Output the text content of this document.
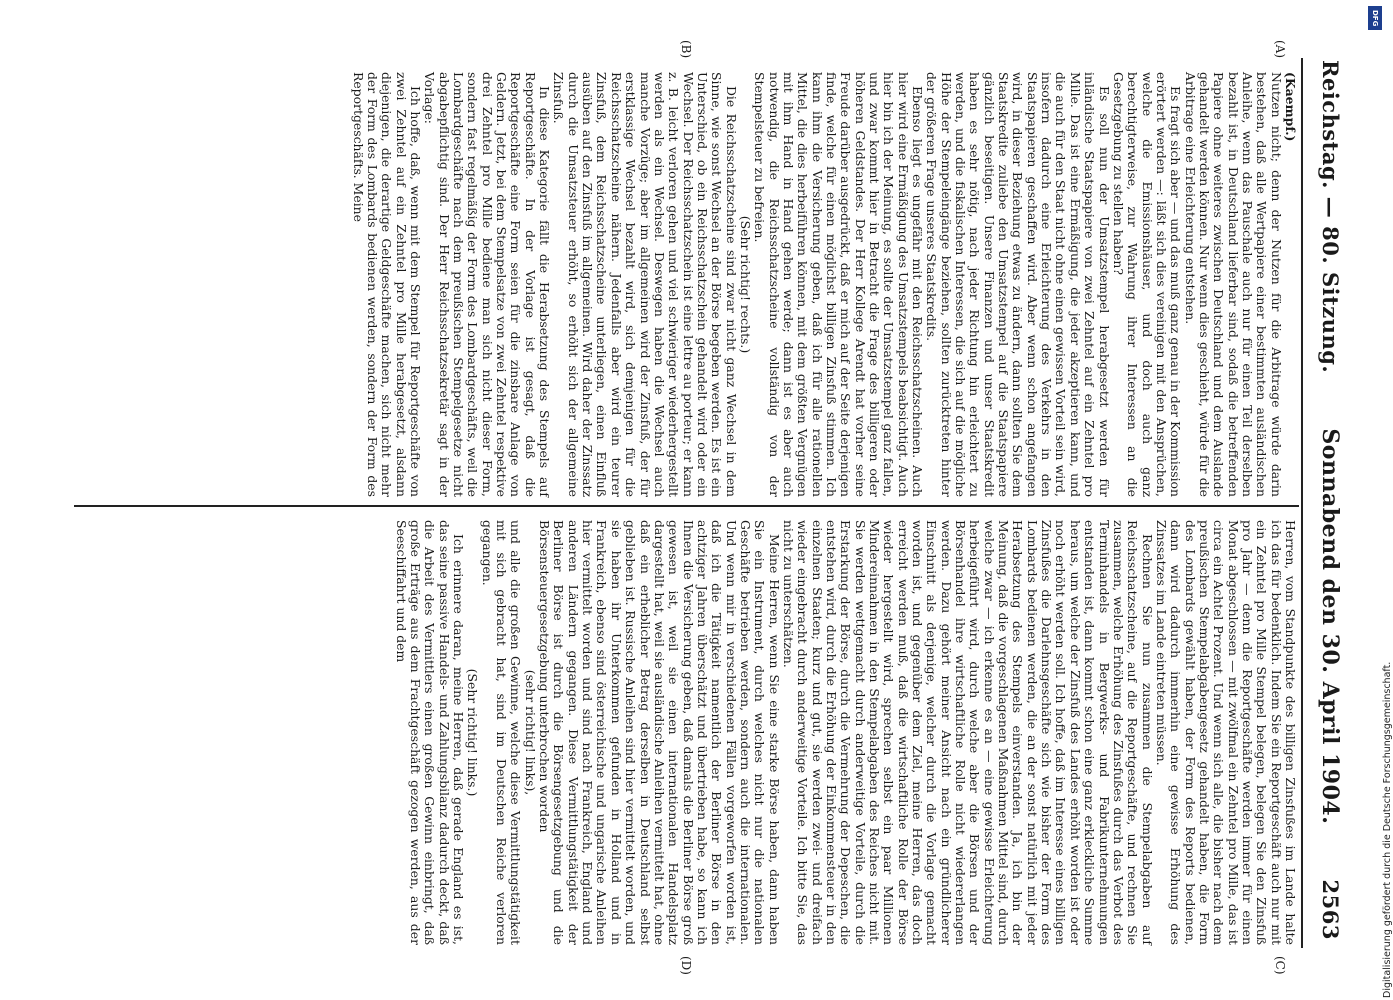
Reichstag. — 80. Sitzung.
Sonnabend den 30. April 1904.
2563
(A)
(B)
(C)
(D)

(Kaempf.)

Nutzen nicht; denn der Nutzen für die Arbitrage würde darin bestehen, daß alle Wertpapiere einer bestimmten ausländischen Anleihe, wenn das Pauschale auch nur für einen Teil derselben bezahlt ist, in Deutschland lieferbar sind, sodaß die betreffenden Papiere ohne weiteres zwischen Deutschland und dem Auslande gehandelt werden können. Nur wenn dies geschieht, würde für die Arbitrage eine Erleichterung entstehen.

Es fragt sich aber — und das muß ganz genau in der Kommission erörtert werden —: läßt sich dies vereinigen mit den Ansprüchen, welche die Emissionshäuser, und doch auch ganz berechtigterweise, zur Wahrung ihrer Interessen an die Gesetzgebung zu stellen haben?

Es soll nun der Umsatzstempel herabgesetzt werden für inländische Staatspapiere von zwei Zehntel auf ein Zehntel pro Mille. Das ist eine Ermäßigung, die jeder akzeptieren kann, und die auch für den Staat nicht ohne einen gewissen Vorteil sein wird, insofern dadurch eine Erleichterung des Verkehrs in den Staatspapieren geschaffen wird. Aber wenn schon angefangen wird, in dieser Beziehung etwas zu ändern, dann sollten Sie dem Staatskredite zuliebe den Umsatzstempel auf die Staatspapiere gänzlich beseitigen. Unsere Finanzen und unser Staatskredit haben es sehr nötig, nach jeder Richtung hin erleichtert zu werden, und die fiskalischen Interessen, die sich auf die mögliche Höhe der Stempeleingänge beziehen, sollten zurücktreten hinter der größeren Frage unseres Staatskredits.

Ebenso liegt es ungefähr mit den Reichsschatzscheinen. Auch hier wird eine Ermäßigung des Umsatzstempels beabsichtigt. Auch hier bin ich der Meinung, es sollte der Umsatzstempel ganz fallen, und zwar kommt hier in Betracht die Frage des billigeren oder höheren Geldstandes. Der Herr Kollege Arendt hat vorher seine Freude darüber ausgedrückt, daß er mich auf der Seite derjenigen finde, welche für einen möglichst billigen Zinsfuß stimmen. Ich kann ihm die Versicherung geben, daß ich für alle rationellen Mittel, die dies herbeiführen können, mit dem größten Vergnügen mit ihm Hand in Hand gehen werde; dann ist es aber auch notwendig, die Reichsschatzscheine vollständig von der Stempelsteuer zu befreien.

(Sehr richtig! rechts.)

Die Reichsschatzscheine sind zwar nicht ganz Wechsel in dem Sinne, wie sonst Wechsel an der Börse begeben werden. Es ist ein Unterschied, ob ein Reichsschatzschein gehandelt wird oder ein Wechsel. Der Reichsschatzschein ist eine lettre au porteur; er kann z. B. leicht verloren gehen und viel schwieriger wiederhergestellt werden als ein Wechsel. Deswegen haben die Wechsel auch manche Vorzüge; aber im allgemeinen wird der Zinsfuß, der für erstklassige Wechsel bezahlt wird, sich demjenigen für die Reichsschatzscheine nähern. Jedenfalls aber wird ein teurer Zinsfuß, dem Reichsschatzscheine unterliegen, einen Einfluß ausüben auf den Zinsfuß im allgemeinen. Wird daher der Zinssatz durch die Umsatzsteuer erhöht, so erhöht sich der allgemeine Zinsfuß.

In diese Kategorie fällt die Herabsetzung des Stempels auf Reportgeschäfte. In der Vorlage ist gesagt, daß die Reportgeschäfte eine Form seien für die zinsbare Anlage von Geldern. Jetzt, bei dem Stempelsatze von zwei Zehntel respektive drei Zehntel pro Mille bediene man sich nicht dieser Form, sondern fast regelmäßig der Form des Lombardgeschäfts, weil die Lombardgeschäfte nach dem preußischen Stempelgesetze nicht abgabepflichtig sind. Der Herr Reichsschatzsekretär sagt in der Vorlage:

Ich hoffe, daß, wenn mit dem Stempel für Reportgeschäfte von zwei Zehntel auf ein Zehntel pro Mille herabgesetzt, alsdann diejenigen, die derartige Geldgeschäfte machen, sich nicht mehr der Form des Lombards bedienen werden, sondern der Form des Reportgeschäfts. Meine

Herren, vom Standpunkte des billigen Zinsfußes im Lande halte ich das für bedenklich. Indem Sie ein Reportgeschäft auch nur mit ein Zehntel pro Mille Stempel belegen, belegen Sie den Zinsfuß pro Jahr — denn die Reportgeschäfte werden immer für einen Monat abgeschlossen — mit zwölfmal ein Zehntel pro Mille, das ist circa ein Achtel Prozent. Und wenn sich alle, die bisher nach dem preußischen Stempelabgabengesetz gehandelt haben, die Form des Lombards gewählt haben, der Form des Reports bedienen, dann wird dadurch immerhin eine gewisse Erhöhung des Zinssatzes im Lande eintreten müssen.

Rechnen Sie nun zusammen die Stempelabgaben auf Reichsschatzscheine, auf die Reportgeschäfte, und rechnen Sie zusammen, welche Erhöhung des Zinsfußes durch das Verbot des Terminhandels in Bergwerks- und Fabrikunternehmungen entstanden ist, dann kommt schon eine ganz erkleckliche Summe heraus, um welche der Zinsfuß des Landes erhöht worden ist oder noch erhöht werden soll. Ich hoffe, daß im Interesse eines billigen Zinsfußes die Darlehnsgeschäfte sich wie bisher der Form des Lombards bedienen werden, die an der sonst natürlich mit jeder Herabsetzung des Stempels einverstanden. Ja, ich bin der Meinung, daß die vorgeschlagenen Maßnahmen Mittel sind, durch welche zwar — ich erkenne es an — eine gewisse Erleichterung herbeigeführt wird, durch welche aber die Börsen und der Börsenhandel ihre wirtschaftliche Rolle nicht wiedererlangen werden. Dazu gehört meiner Ansicht nach ein gründlicherer Einschnitt als derjenige, welcher durch die Vorlage gemacht worden ist, und gegenüber dem Ziel, meine Herren, das doch erreicht werden muß, daß die wirtschaftliche Rolle der Börse wieder hergestellt wird, sprechen selbst ein paar Millionen Mindereinnahmen in den Stempelabgaben des Reiches nicht mit. Sie werden wettgemacht durch anderweitige Vorteile, durch die Erstarkung der Börse, durch die Vermehrung der Depeschen, die entstehen wird, durch die Erhöhung der Einkommensteuer in den einzelnen Staaten; kurz und gut, sie werden zwei- und dreifach wieder eingebracht durch anderweitige Vorteile. Ich bitte Sie, das nicht zu unterschätzen.

Meine Herren, wenn Sie eine starke Börse haben, dann haben Sie ein Instrument, durch welches nicht nur die nationalen Geschäfte betrieben werden, sondern auch die internationalen. Und wenn mir in verschiedenen Fällen vorgeworfen worden ist, daß ich die Tätigkeit namentlich der Berliner Börse in den achtziger Jahren überschätzt und übertrieben habe, so kann ich Ihnen die Versicherung geben, daß damals die Berliner Börse groß gewesen ist, weil sie einen internationalen Handelsplatz dargestellt hat, weil sie ausländische Anleihen vermittelt hat, ohne daß ein erheblicher Betrag derselben in Deutschland selbst geblieben ist. Russische Anleihen sind hier vermittelt worden, und sie haben ihr Unterkommen gefunden in Holland und in Frankreich, ebenso sind österreichische und ungarische Anleihen hier vermittelt worden und sind nach Frankreich, England und anderen Ländern gegangen. Diese Vermittlungstätigkeit der Berliner Börse ist durch die Börsengesetzgebung und die Börsensteuergesetzgebung unterbrochen worden

(sehr richtig! links),

und alle die großen Gewinne, welche diese Vermittlungstätigkeit mit sich gebracht hat, sind im Deutschen Reiche verloren gegangen.

(Sehr richtig! links.)

Ich erinnere daran, meine Herren, daß gerade England es ist, das seine passive Handels- und Zahlungsbilanz dadurch deckt, daß die Arbeit des Vermittlers einen großen Gewinn einbringt, daß große Erträge aus dem Frachtgeschäft gezogen werden, aus der Seeschiffahrt und dem

DFG
Digitalisierung gefördert durch die Deutsche Forschungsgemeinschaft.
